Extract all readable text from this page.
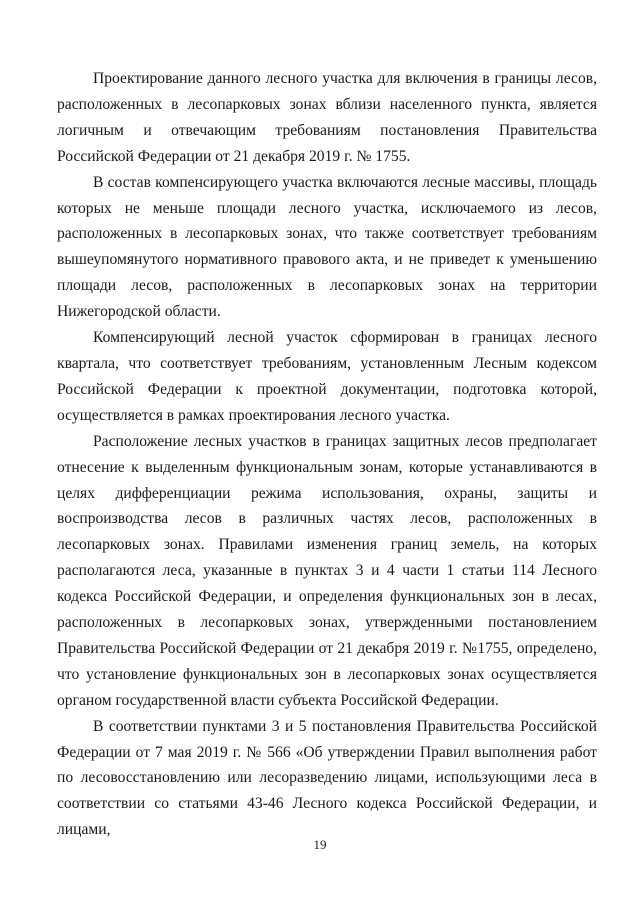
Проектирование данного лесного участка для включения в границы лесов, расположенных в лесопарковых зонах вблизи населенного пункта, является логичным и отвечающим требованиям постановления Правительства Российской Федерации от 21 декабря 2019 г. № 1755.

В состав компенсирующего участка включаются лесные массивы, площадь которых не меньше площади лесного участка, исключаемого из лесов, расположенных в лесопарковых зонах, что также соответствует требованиям вышеупомянутого нормативного правового акта, и не приведет к уменьшению площади лесов, расположенных в лесопарковых зонах на территории Нижегородской области.

Компенсирующий лесной участок сформирован в границах лесного квартала, что соответствует требованиям, установленным Лесным кодексом Российской Федерации к проектной документации, подготовка которой, осуществляется в рамках проектирования лесного участка.

Расположение лесных участков в границах защитных лесов предполагает отнесение к выделенным функциональным зонам, которые устанавливаются в целях дифференциации режима использования, охраны, защиты и воспроизводства лесов в различных частях лесов, расположенных в лесопарковых зонах. Правилами изменения границ земель, на которых располагаются леса, указанные в пунктах 3 и 4 части 1 статьи 114 Лесного кодекса Российской Федерации, и определения функциональных зон в лесах, расположенных в лесопарковых зонах, утвержденными постановлением Правительства Российской Федерации от 21 декабря 2019 г. №1755, определено, что установление функциональных зон в лесопарковых зонах осуществляется органом государственной власти субъекта Российской Федерации.

В соответствии пунктами 3 и 5 постановления Правительства Российской Федерации от 7 мая 2019 г. № 566 «Об утверждении Правил выполнения работ по лесовосстановлению или лесоразведению лицами, использующими леса в соответствии со статьями 43-46 Лесного кодекса Российской Федерации, и лицами,

19
